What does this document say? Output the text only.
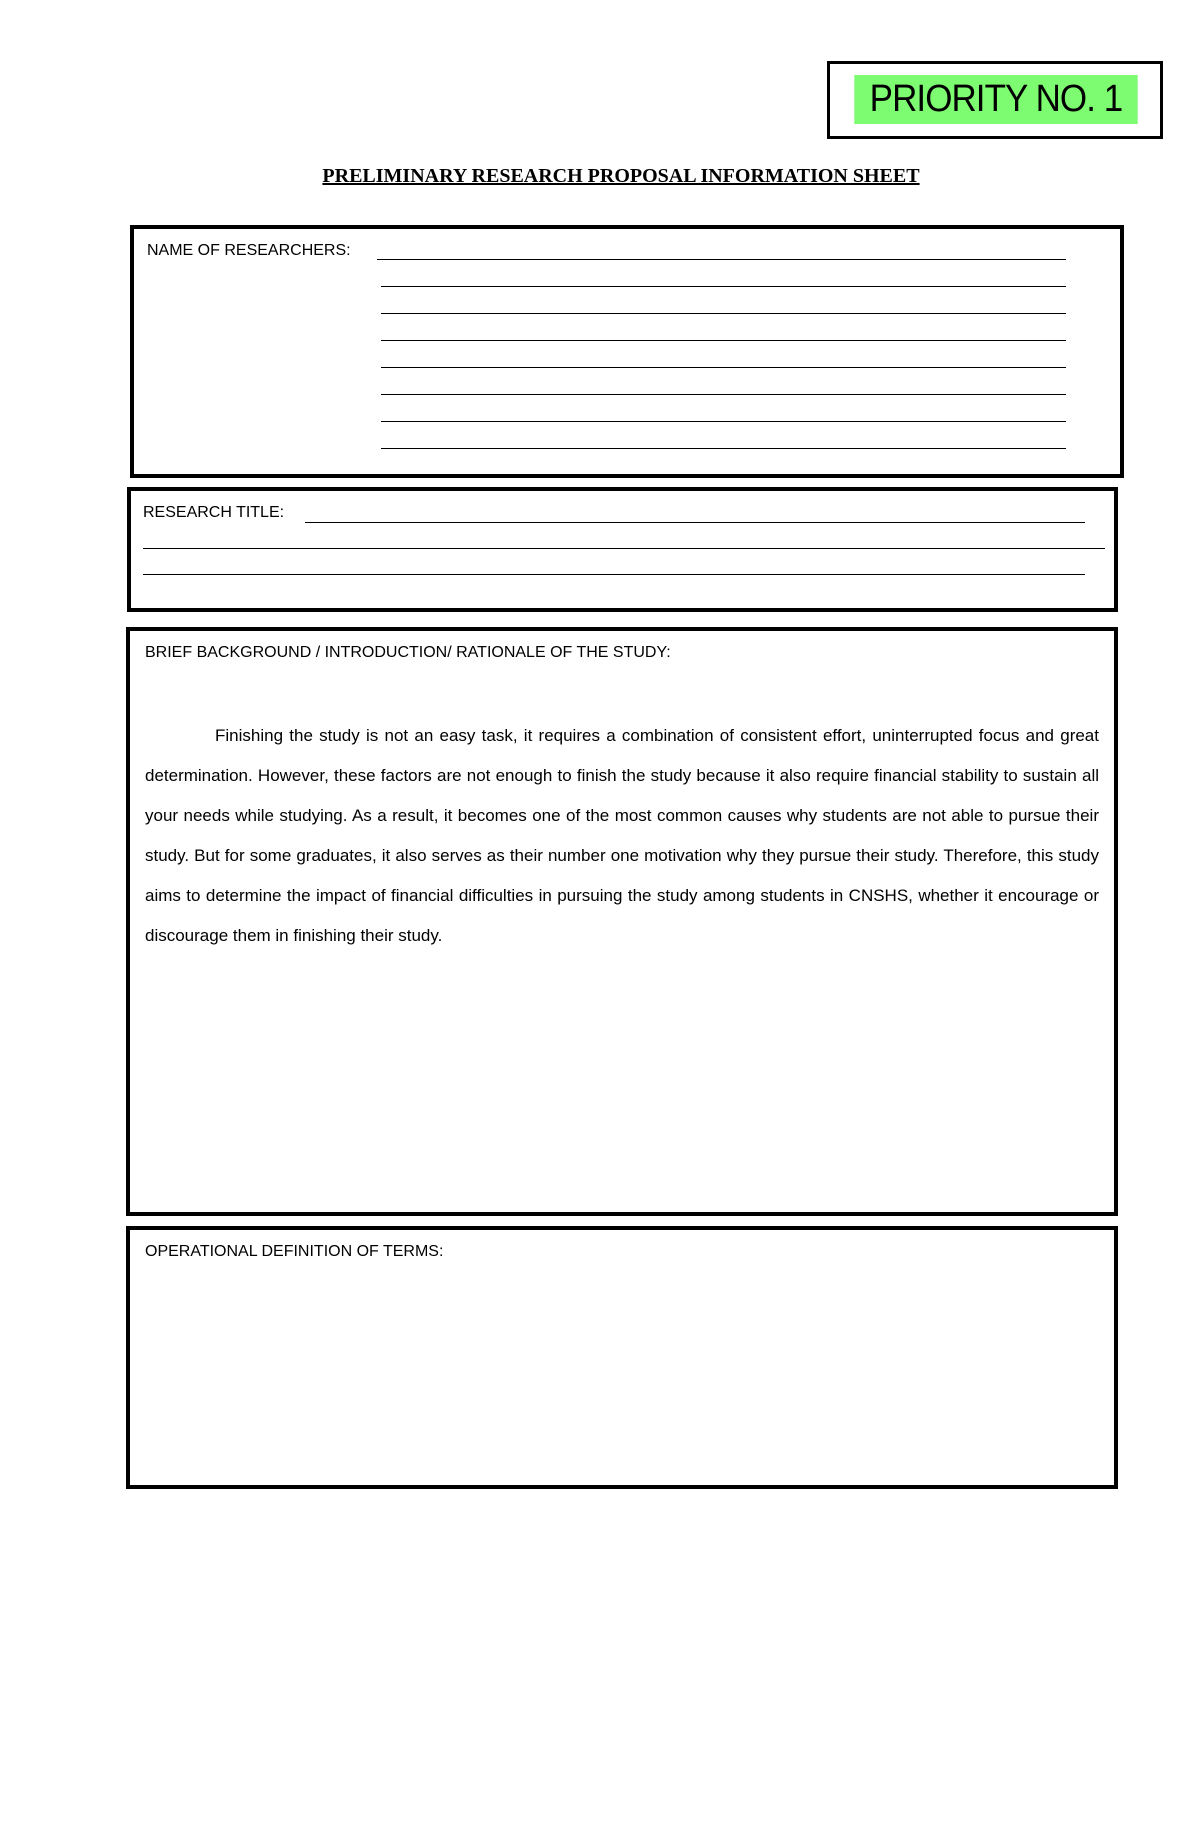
PRIORITY NO. 1
PRELIMINARY RESEARCH PROPOSAL INFORMATION SHEET
NAME OF RESEARCHERS:
RESEARCH TITLE:
BRIEF BACKGROUND / INTRODUCTION/ RATIONALE OF THE STUDY:

Finishing the study is not an easy task, it requires a combination of consistent effort, uninterrupted focus and great determination. However, these factors are not enough to finish the study because it also require financial stability to sustain all your needs while studying. As a result, it becomes one of the most common causes why students are not able to pursue their study. But for some graduates, it also serves as their number one motivation why they pursue their study. Therefore, this study aims to determine the impact of financial difficulties in pursuing the study among students in CNSHS, whether it encourage or discourage them in finishing their study.

OPERATIONAL DEFINITION OF TERMS:
